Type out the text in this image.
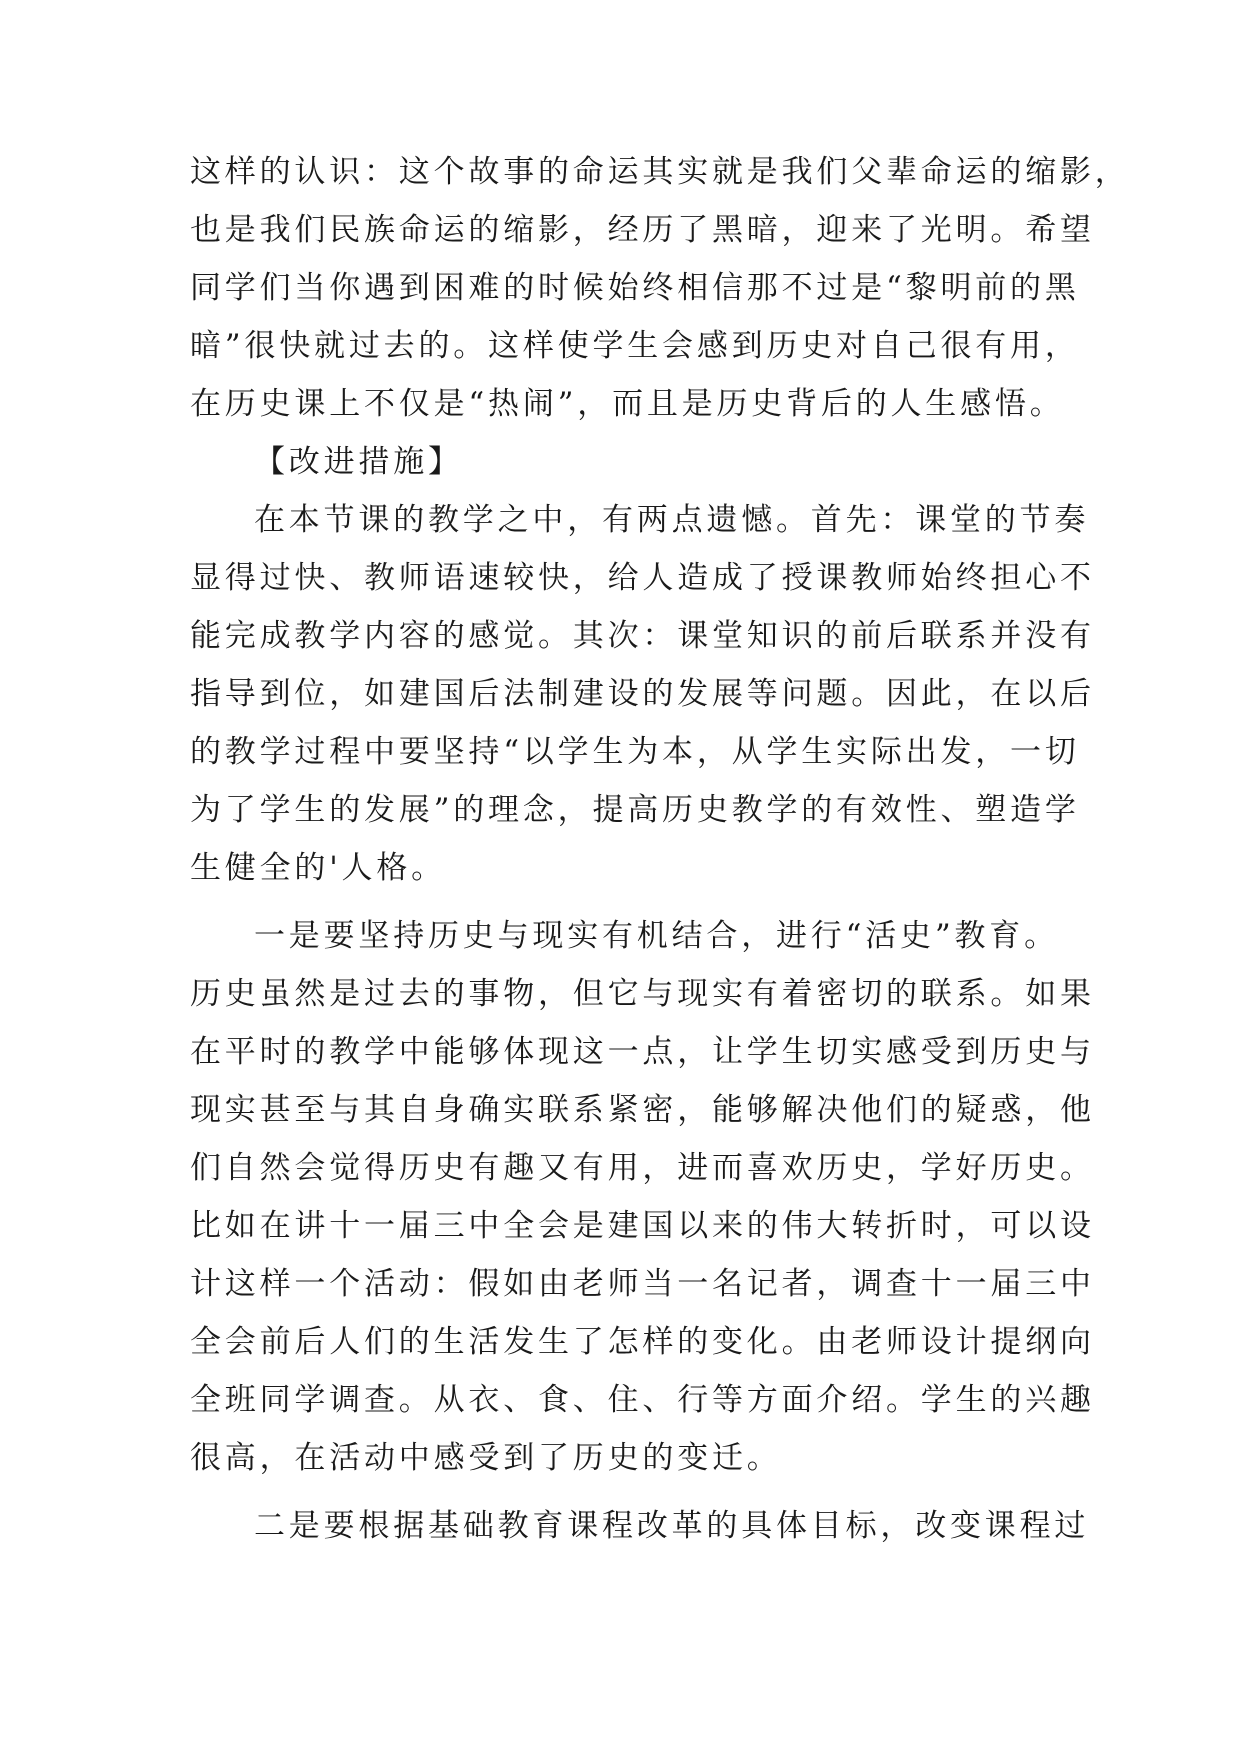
这样的认识：这个故事的命运其实就是我们父辈命运的缩影，
也是我们民族命运的缩影，经历了黑暗，迎来了光明。希望
同学们当你遇到困难的时候始终相信那不过是“黎明前的黑
暗”很快就过去的。这样使学生会感到历史对自己很有用，
在历史课上不仅是“热闹”，而且是历史背后的人生感悟。
【改进措施】
在本节课的教学之中，有两点遗憾。首先：课堂的节奏
显得过快、教师语速较快，给人造成了授课教师始终担心不
能完成教学内容的感觉。其次：课堂知识的前后联系并没有
指导到位，如建国后法制建设的发展等问题。因此，在以后
的教学过程中要坚持“以学生为本，从学生实际出发，一切
为了学生的发展”的理念，提高历史教学的有效性、塑造学
生健全的'人格。
一是要坚持历史与现实有机结合，进行“活史”教育。
历史虽然是过去的事物，但它与现实有着密切的联系。如果
在平时的教学中能够体现这一点，让学生切实感受到历史与
现实甚至与其自身确实联系紧密，能够解决他们的疑惑，他
们自然会觉得历史有趣又有用，进而喜欢历史，学好历史。
比如在讲十一届三中全会是建国以来的伟大转折时，可以设
计这样一个活动：假如由老师当一名记者，调查十一届三中
全会前后人们的生活发生了怎样的变化。由老师设计提纲向
全班同学调查。从衣、食、住、行等方面介绍。学生的兴趣
很高，在活动中感受到了历史的变迁。
二是要根据基础教育课程改革的具体目标，改变课程过
